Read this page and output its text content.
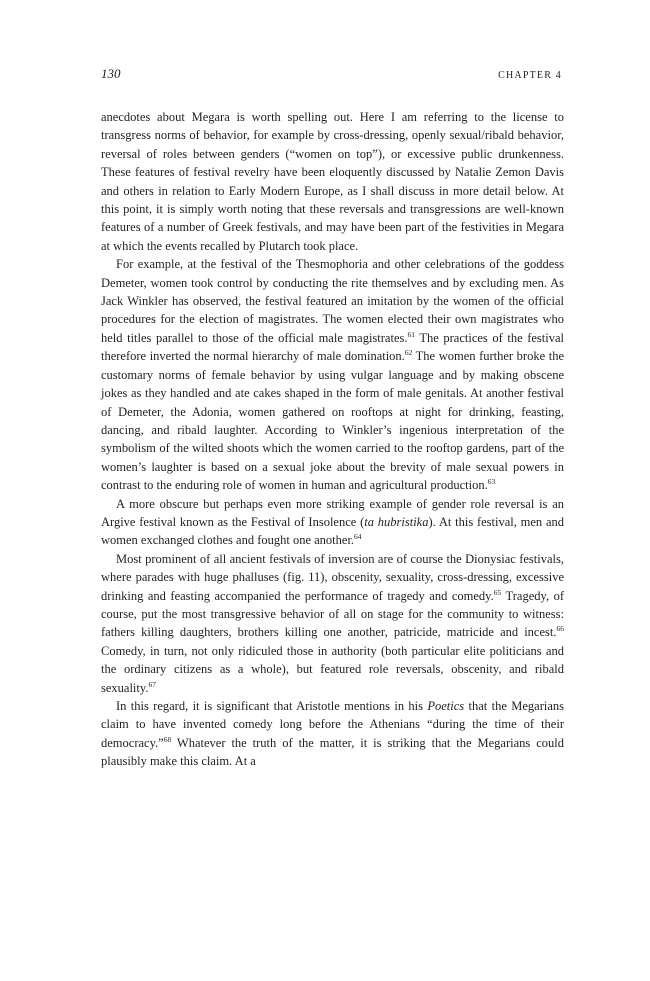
130	CHAPTER 4

anecdotes about Megara is worth spelling out. Here I am referring to the license to transgress norms of behavior, for example by cross-dressing, openly sexual/ribald behavior, reversal of roles between genders (“women on top”), or excessive public drunkenness. These features of festival revelry have been eloquently discussed by Natalie Zemon Davis and others in relation to Early Modern Europe, as I shall discuss in more detail below. At this point, it is simply worth noting that these reversals and transgressions are well-known features of a number of Greek festivals, and may have been part of the festivities in Megara at which the events recalled by Plutarch took place.

For example, at the festival of the Thesmophoria and other celebrations of the goddess Demeter, women took control by conducting the rite themselves and by excluding men. As Jack Winkler has observed, the festival featured an imitation by the women of the official procedures for the election of magistrates. The women elected their own magistrates who held titles parallel to those of the official male magistrates.$^{61}$ The practices of the festival therefore inverted the normal hierarchy of male domination.$^{62}$ The women further broke the customary norms of female behavior by using vulgar language and by making obscene jokes as they handled and ate cakes shaped in the form of male genitals. At another festival of Demeter, the Adonia, women gathered on rooftops at night for drinking, feasting, dancing, and ribald laughter. According to Winkler’s ingenious interpretation of the symbolism of the wilted shoots which the women carried to the rooftop gardens, part of the women’s laughter is based on a sexual joke about the brevity of male sexual powers in contrast to the enduring role of women in human and agricultural production.$^{63}$

A more obscure but perhaps even more striking example of gender role reversal is an Argive festival known as the Festival of Insolence (ta hubristika). At this festival, men and women exchanged clothes and fought one another.$^{64}$

Most prominent of all ancient festivals of inversion are of course the Dionysiac festivals, where parades with huge phalluses (fig. 11), obscenity, sexuality, cross-dressing, excessive drinking and feasting accompanied the performance of tragedy and comedy.$^{65}$ Tragedy, of course, put the most transgressive behavior of all on stage for the community to witness: fathers killing daughters, brothers killing one another, patricide, matricide and incest.$^{66}$ Comedy, in turn, not only ridiculed those in authority (both particular elite politicians and the ordinary citizens as a whole), but featured role reversals, obscenity, and ribald sexuality.$^{67}$

In this regard, it is significant that Aristotle mentions in his Poetics that the Megarians claim to have invented comedy long before the Athenians “during the time of their democracy.”$^{68}$ Whatever the truth of the matter, it is striking that the Megarians could plausibly make this claim. At a
